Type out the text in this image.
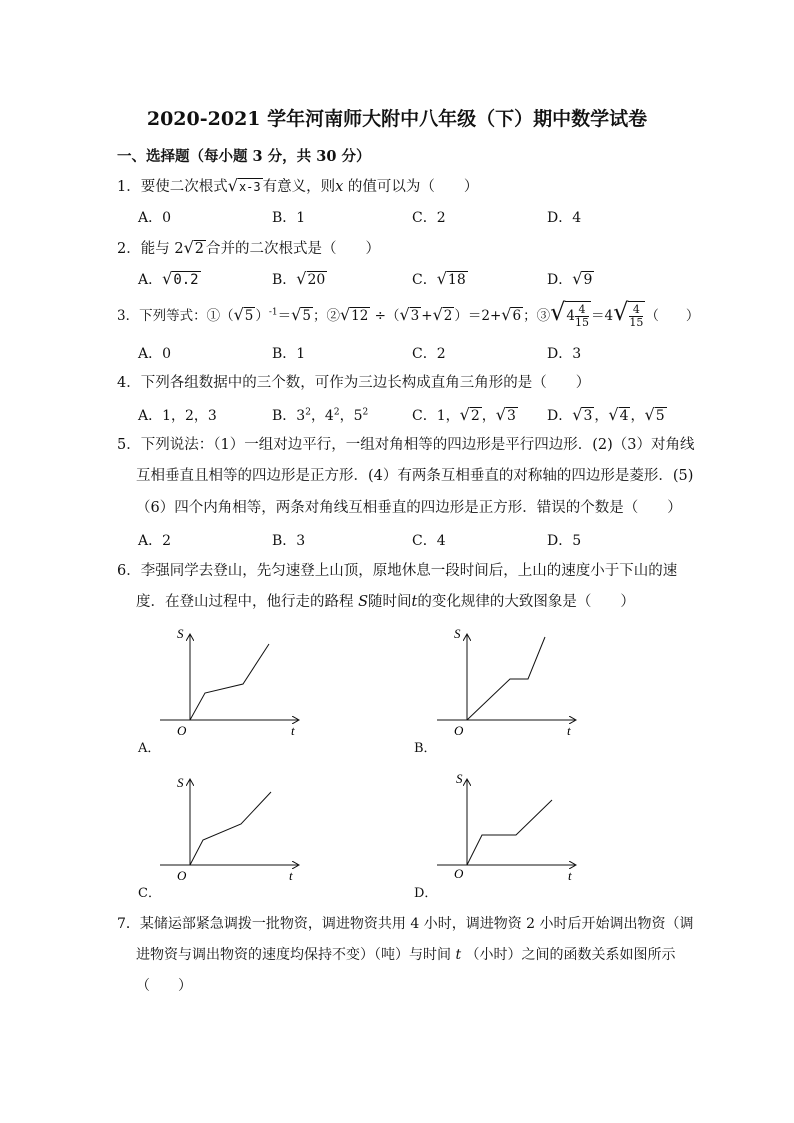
2020-2021 学年河南师大附中八年级（下）期中数学试卷
一、选择题（每小题 3 分，共 30 分）
1．要使二次根式√x-3 有意义，则x 的值可以为（　　）
A．0	B．1	C．2	D．4
2．能与 2√2 合并的二次根式是（　　）
A．√0.2	B．√20	C．√18	D．√9
3．下列等式：①（√5 ）$^{-1}$＝√5 ；②√12 ÷（√3 +√2 ）＝2+√6 ；③√4 $\frac{4}{15} =4√ \frac{4}{15}$ （　　）
A．0	B．1	C．2	D．3
4．下列各组数据中的三个数，可作为三边长构成直角三角形的是（　　）
A．1，2，3	B．$3^2$，$4^2$，$5^2$	C．1，√2 ，√3 D．√3 ，√4 ，√5
5．下列说法：（1）一组对边平行，一组对角相等的四边形是平行四边形．(2)（3）对角线
互相垂直且相等的四边形是正方形．(4）有两条互相垂直的对称轴的四边形是菱形．(5)
（6）四个内角相等，两条对角线互相垂直的四边形是正方形．错误的个数是（　　）
A．2	B．3	C．4	D．5
6．李强同学去登山，先匀速登上山顶，原地休息一段时间后，上山的速度小于下山的速
度．在登山过程中，他行走的路程 S随时间t的变化规律的大致图象是（　　）
S
t
O
A．
S
t
O
B．
S
t
O
C．
S
t
O
D．
7．某储运部紧急调拨一批物资，调进物资共用 4 小时，调进物资 2 小时后开始调出物资（调
进物资与调出物资的速度均保持不变）（吨）与时间 t （小时）之间的函数关系如图所示
（　　）
